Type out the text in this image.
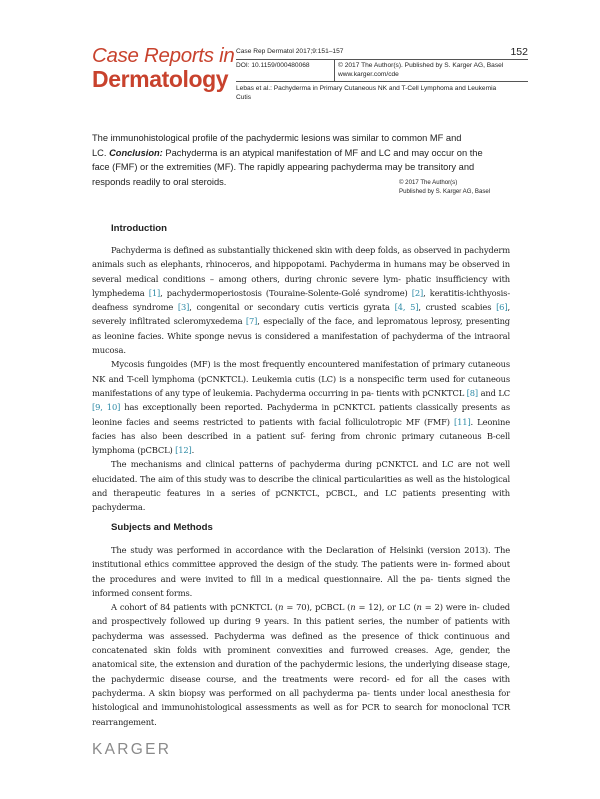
Case Reports in
Dermatology
Case Rep Dermatol 2017;9:151–157	152
DOI: 10.1159/000480068	© 2017 The Author(s). Published by S. Karger AG, Basel
www.karger.com/cde
Lebas et al.: Pachyderma in Primary Cutaneous NK and T-Cell Lymphoma and Leukemia
Cutis
The immunohistological profile of the pachydermic lesions was similar to common MF and
LC. Conclusion: Pachyderma is an atypical manifestation of MF and LC and may occur on the
face (FMF) or the extremities (MF). The rapidly appearing pachyderma may be transitory and
responds readily to oral steroids.	© 2017 The Author(s)
Published by S. Karger AG, Basel
Introduction

Pachyderma is defined as substantially thickened skin with deep folds, as observed in pachyderm animals such as elephants, rhinoceros, and hippopotami. Pachyderma in humans may be observed in several medical conditions – among others, during chronic severe lym- phatic insufficiency with lymphedema [1], pachydermoperiostosis (Touraine-Solente-Golé syndrome) [2], keratitis-ichthyosis-deafness syndrome [3], congenital or secondary cutis verticis gyrata [4, 5], crusted scabies [6], severely infiltrated scleromyxedema [7], especially of the face, and lepromatous leprosy, presenting as leonine facies. White sponge nevus is considered a manifestation of pachyderma of the intraoral mucosa.

Mycosis fungoides (MF) is the most frequently encountered manifestation of primary cutaneous NK and T-cell lymphoma (pCNKTCL). Leukemia cutis (LC) is a nonspecific term used for cutaneous manifestations of any type of leukemia. Pachyderma occurring in pa- tients with pCNKTCL [8] and LC [9, 10] has exceptionally been reported. Pachyderma in pCNKTCL patients classically presents as leonine facies and seems restricted to patients with facial folliculotropic MF (FMF) [11]. Leonine facies has also been described in a patient suf- fering from chronic primary cutaneous B-cell lymphoma (pCBCL) [12].

The mechanisms and clinical patterns of pachyderma during pCNKTCL and LC are not well elucidated. The aim of this study was to describe the clinical particularities as well as the histological and therapeutic features in a series of pCNKTCL, pCBCL, and LC patients presenting with pachyderma.

Subjects and Methods

The study was performed in accordance with the Declaration of Helsinki (version 2013). The institutional ethics committee approved the design of the study. The patients were in- formed about the procedures and were invited to fill in a medical questionnaire. All the pa- tients signed the informed consent forms.

A cohort of 84 patients with pCNKTCL (n = 70), pCBCL (n = 12), or LC (n = 2) were in- cluded and prospectively followed up during 9 years. In this patient series, the number of patients with pachyderma was assessed. Pachyderma was defined as the presence of thick continuous and concatenated skin folds with prominent convexities and furrowed creases. Age, gender, the anatomical site, the extension and duration of the pachydermic lesions, the underlying disease stage, the pachydermic disease course, and the treatments were record- ed for all the cases with pachyderma. A skin biopsy was performed on all pachyderma pa- tients under local anesthesia for histological and immunohistological assessments as well as for PCR to search for monoclonal TCR rearrangement.

KARGER
